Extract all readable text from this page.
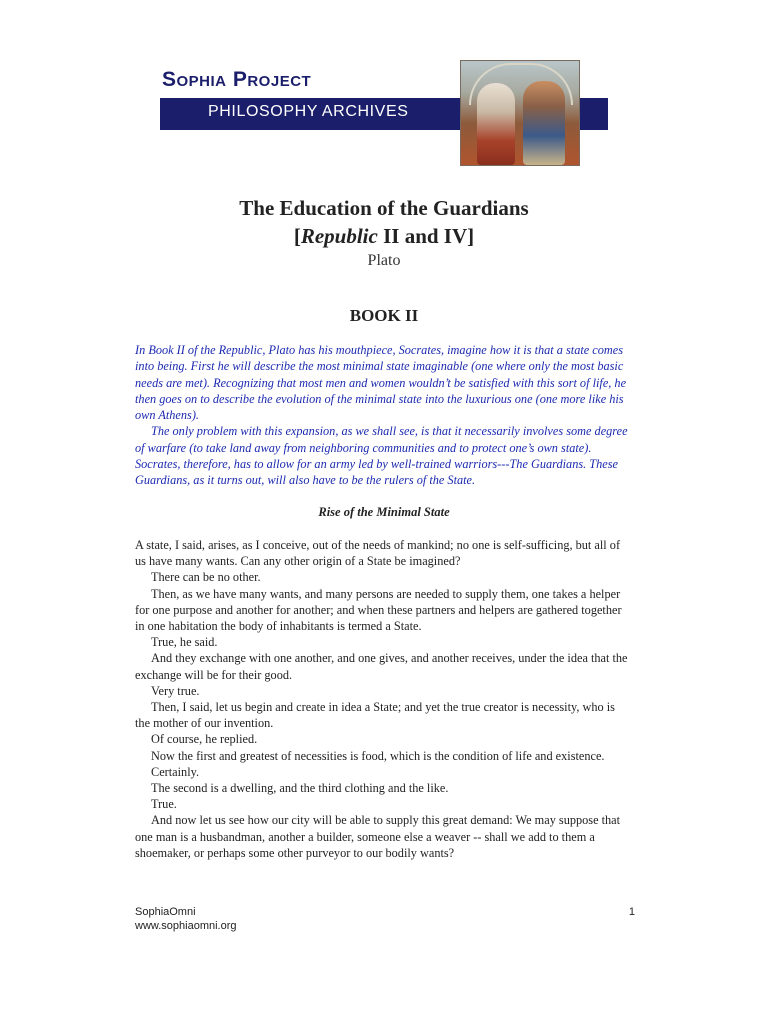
Sophia Project
PHILOSOPHY ARCHIVES
The Education of the Guardians
[Republic II and IV]
Plato
BOOK II

In Book II of the Republic, Plato has his mouthpiece, Socrates, imagine how it is that a state comes into being. First he will describe the most minimal state imaginable (one where only the most basic needs are met). Recognizing that most men and women wouldn’t be satisfied with this sort of life, he then goes on to describe the evolution of the minimal state into the luxurious one (one more like his own Athens).

The only problem with this expansion, as we shall see, is that it necessarily involves some degree of warfare (to take land away from neighboring communities and to protect one’s own state). Socrates, therefore, has to allow for an army led by well-trained warriors---The Guardians. These Guardians, as it turns out, will also have to be the rulers of the State.

Rise of the Minimal State

A state, I said, arises, as I conceive, out of the needs of mankind; no one is self-sufficing, but all of us have many wants. Can any other origin of a State be imagined?

There can be no other.

Then, as we have many wants, and many persons are needed to supply them, one takes a helper for one purpose and another for another; and when these partners and helpers are gathered together in one habitation the body of inhabitants is termed a State.

True, he said.

And they exchange with one another, and one gives, and another receives, under the idea that the exchange will be for their good.

Very true.

Then, I said, let us begin and create in idea a State; and yet the true creator is necessity, who is the mother of our invention.

Of course, he replied.

Now the first and greatest of necessities is food, which is the condition of life and existence.

Certainly.

The second is a dwelling, and the third clothing and the like.

True.

And now let us see how our city will be able to supply this great demand: We may suppose that one man is a husbandman, another a builder, someone else a weaver -- shall we add to them a shoemaker, or perhaps some other purveyor to our bodily wants?

SophiaOmni
www.sophiaomni.org
1
